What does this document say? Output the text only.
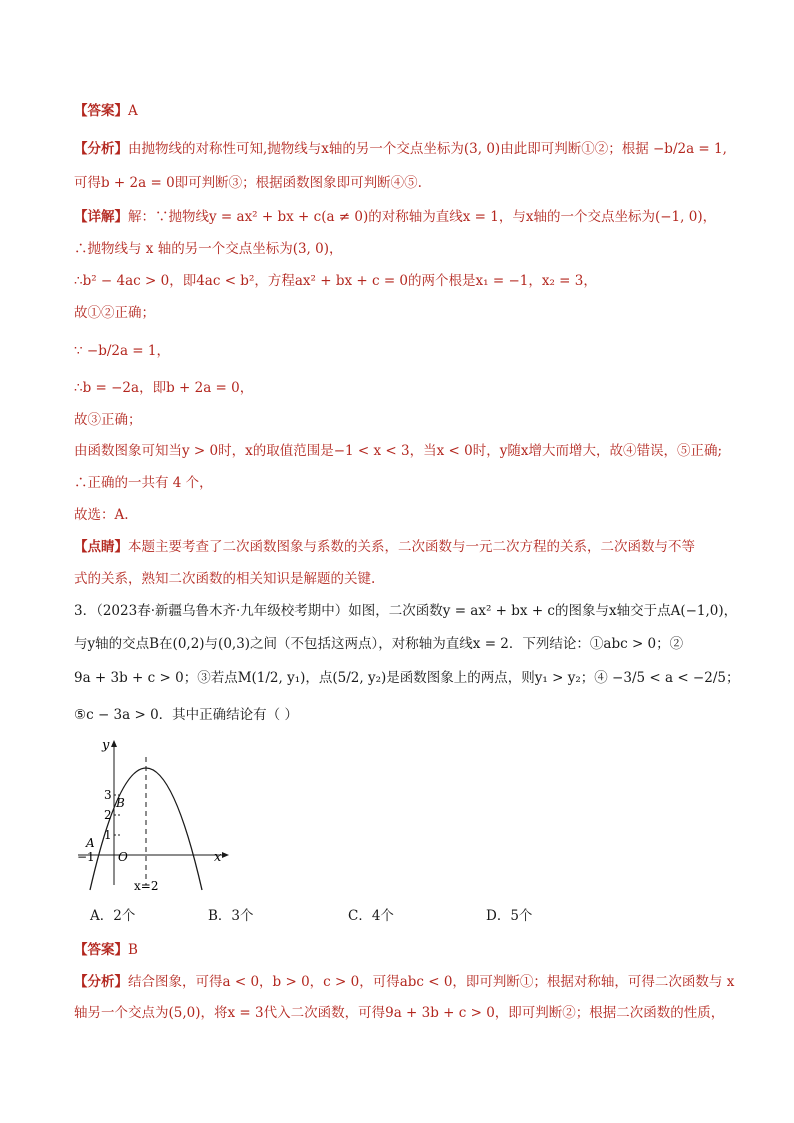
【答案】A
【分析】由抛物线的对称性可知,抛物线与x轴的另一个交点坐标为(3, 0)由此即可判断①②；根据 −b/2a = 1,
可得b + 2a = 0即可判断③；根据函数图象即可判断④⑤.
【详解】解：∵抛物线y = ax² + bx + c(a ≠ 0)的对称轴为直线x = 1，与x轴的一个交点坐标为(−1, 0)，
∴抛物线与 x 轴的另一个交点坐标为(3, 0)，
∴b² − 4ac > 0，即4ac < b²，方程ax² + bx + c = 0的两个根是x₁ = −1，x₂ = 3，
故①②正确；
∵ −b/2a = 1，
∴b = −2a，即b + 2a = 0，
故③正确；
由函数图象可知当y > 0时，x的取值范围是−1 < x < 3，当x < 0时，y随x增大而增大，故④错误，⑤正确;
∴正确的一共有 4 个，
故选：A.
【点睛】本题主要考查了二次函数图象与系数的关系，二次函数与一元二次方程的关系，二次函数与不等
式的关系，熟知二次函数的相关知识是解题的关键.
3．（2023春·新疆乌鲁木齐·九年级校考期中）如图，二次函数y = ax² + bx + c的图象与x轴交于点A(−1,0)，
与y轴的交点B在(0,2)与(0,3)之间（不包括这两点），对称轴为直线x = 2．下列结论：①abc > 0；②
9a + 3b + c > 0；③若点M(1/2, y₁)，点(5/2, y₂)是函数图象上的两点，则y₁ > y₂；④ −3/5 < a < −2/5；
⑤c − 3a > 0．其中正确结论有（ ）
y
x
O
3
2
1
−1
A
B
x=2
A．2个	B．3个	C．4个	D．5个
【答案】B
【分析】结合图象，可得a < 0，b > 0，c > 0，可得abc < 0，即可判断①；根据对称轴，可得二次函数与 x
轴另一个交点为(5,0)，将x = 3代入二次函数，可得9a + 3b + c > 0，即可判断②；根据二次函数的性质，
